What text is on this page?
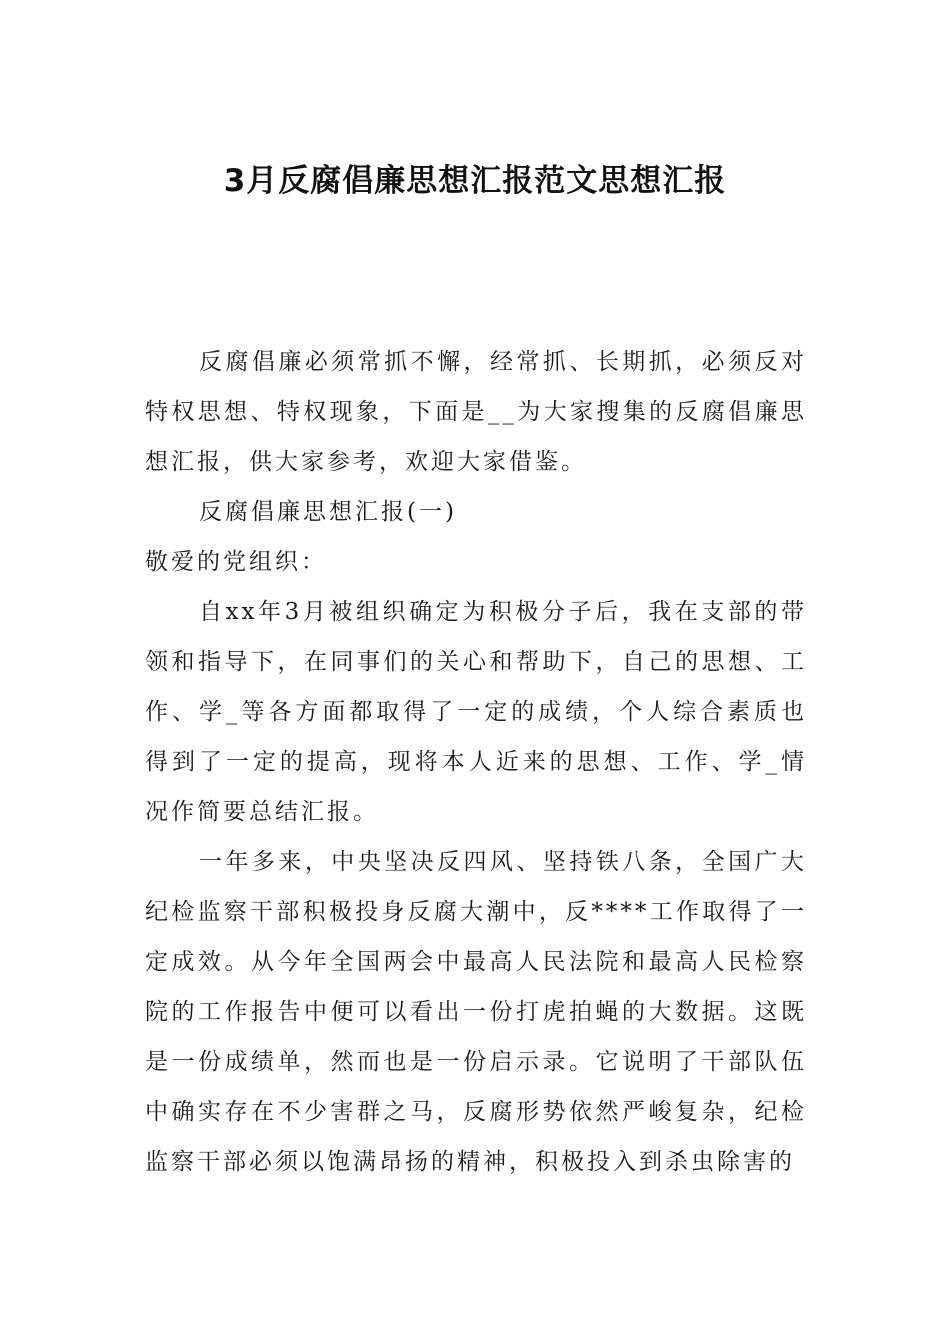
3月反腐倡廉思想汇报范文思想汇报

反腐倡廉必须常抓不懈，经常抓、长期抓，必须反对特权思想、特权现象，下面是__为大家搜集的反腐倡廉思想汇报，供大家参考，欢迎大家借鉴。

反腐倡廉思想汇报(一)

敬爱的党组织：

自xx年3月被组织确定为积极分子后，我在支部的带领和指导下，在同事们的关心和帮助下，自己的思想、工作、学_等各方面都取得了一定的成绩，个人综合素质也得到了一定的提高，现将本人近来的思想、工作、学_情况作简要总结汇报。

一年多来，中央坚决反四风、坚持铁八条，全国广大纪检监察干部积极投身反腐大潮中，反****工作取得了一定成效。从今年全国两会中最高人民法院和最高人民检察院的工作报告中便可以看出一份打虎拍蝇的大数据。这既是一份成绩单，然而也是一份启示录。它说明了干部队伍中确实存在不少害群之马，反腐形势依然严峻复杂，纪检监察干部必须以饱满昂扬的精神，积极投入到杀虫除害的
